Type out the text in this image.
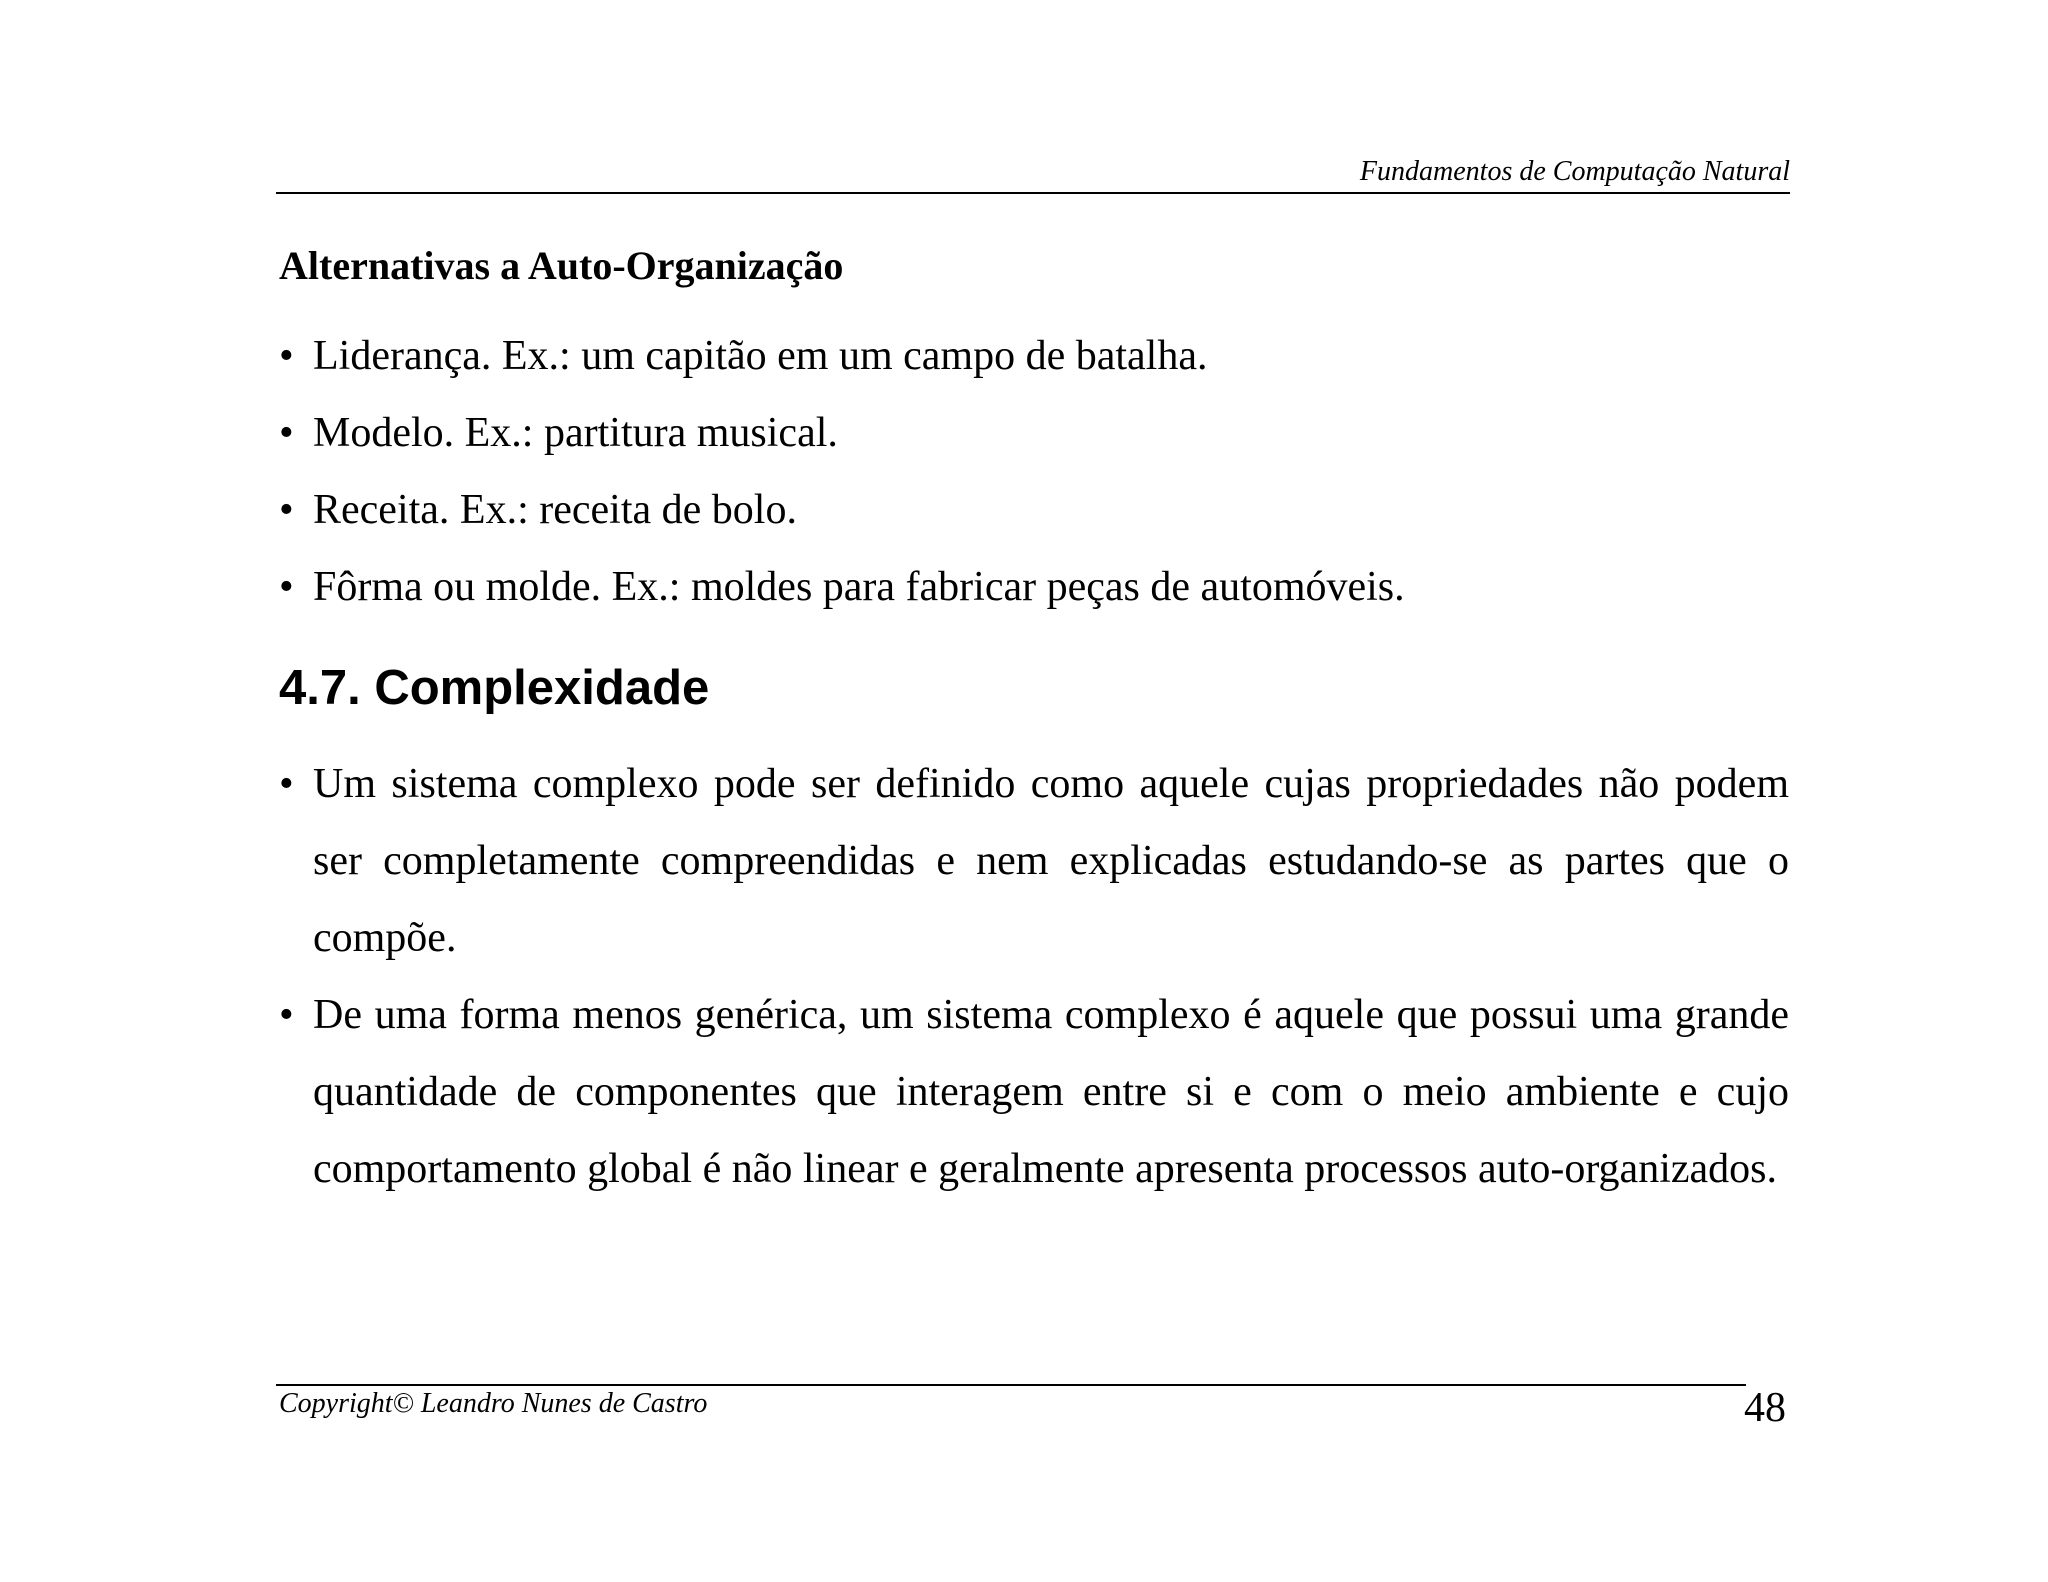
Fundamentos de Computação Natural
Alternativas a Auto-Organização
• Liderança. Ex.: um capitão em um campo de batalha.
• Modelo. Ex.: partitura musical.
• Receita. Ex.: receita de bolo.
• Fôrma ou molde. Ex.: moldes para fabricar peças de automóveis.
4.7. Complexidade
• Um sistema complexo pode ser definido como aquele cujas propriedades não podem ser completamente compreendidas e nem explicadas estudando-se as partes que o compõe.
• De uma forma menos genérica, um sistema complexo é aquele que possui uma grande quantidade de componentes que interagem entre si e com o meio ambiente e cujo comportamento global é não linear e geralmente apresenta processos auto-organizados.
Copyright© Leandro Nunes de Castro	48
